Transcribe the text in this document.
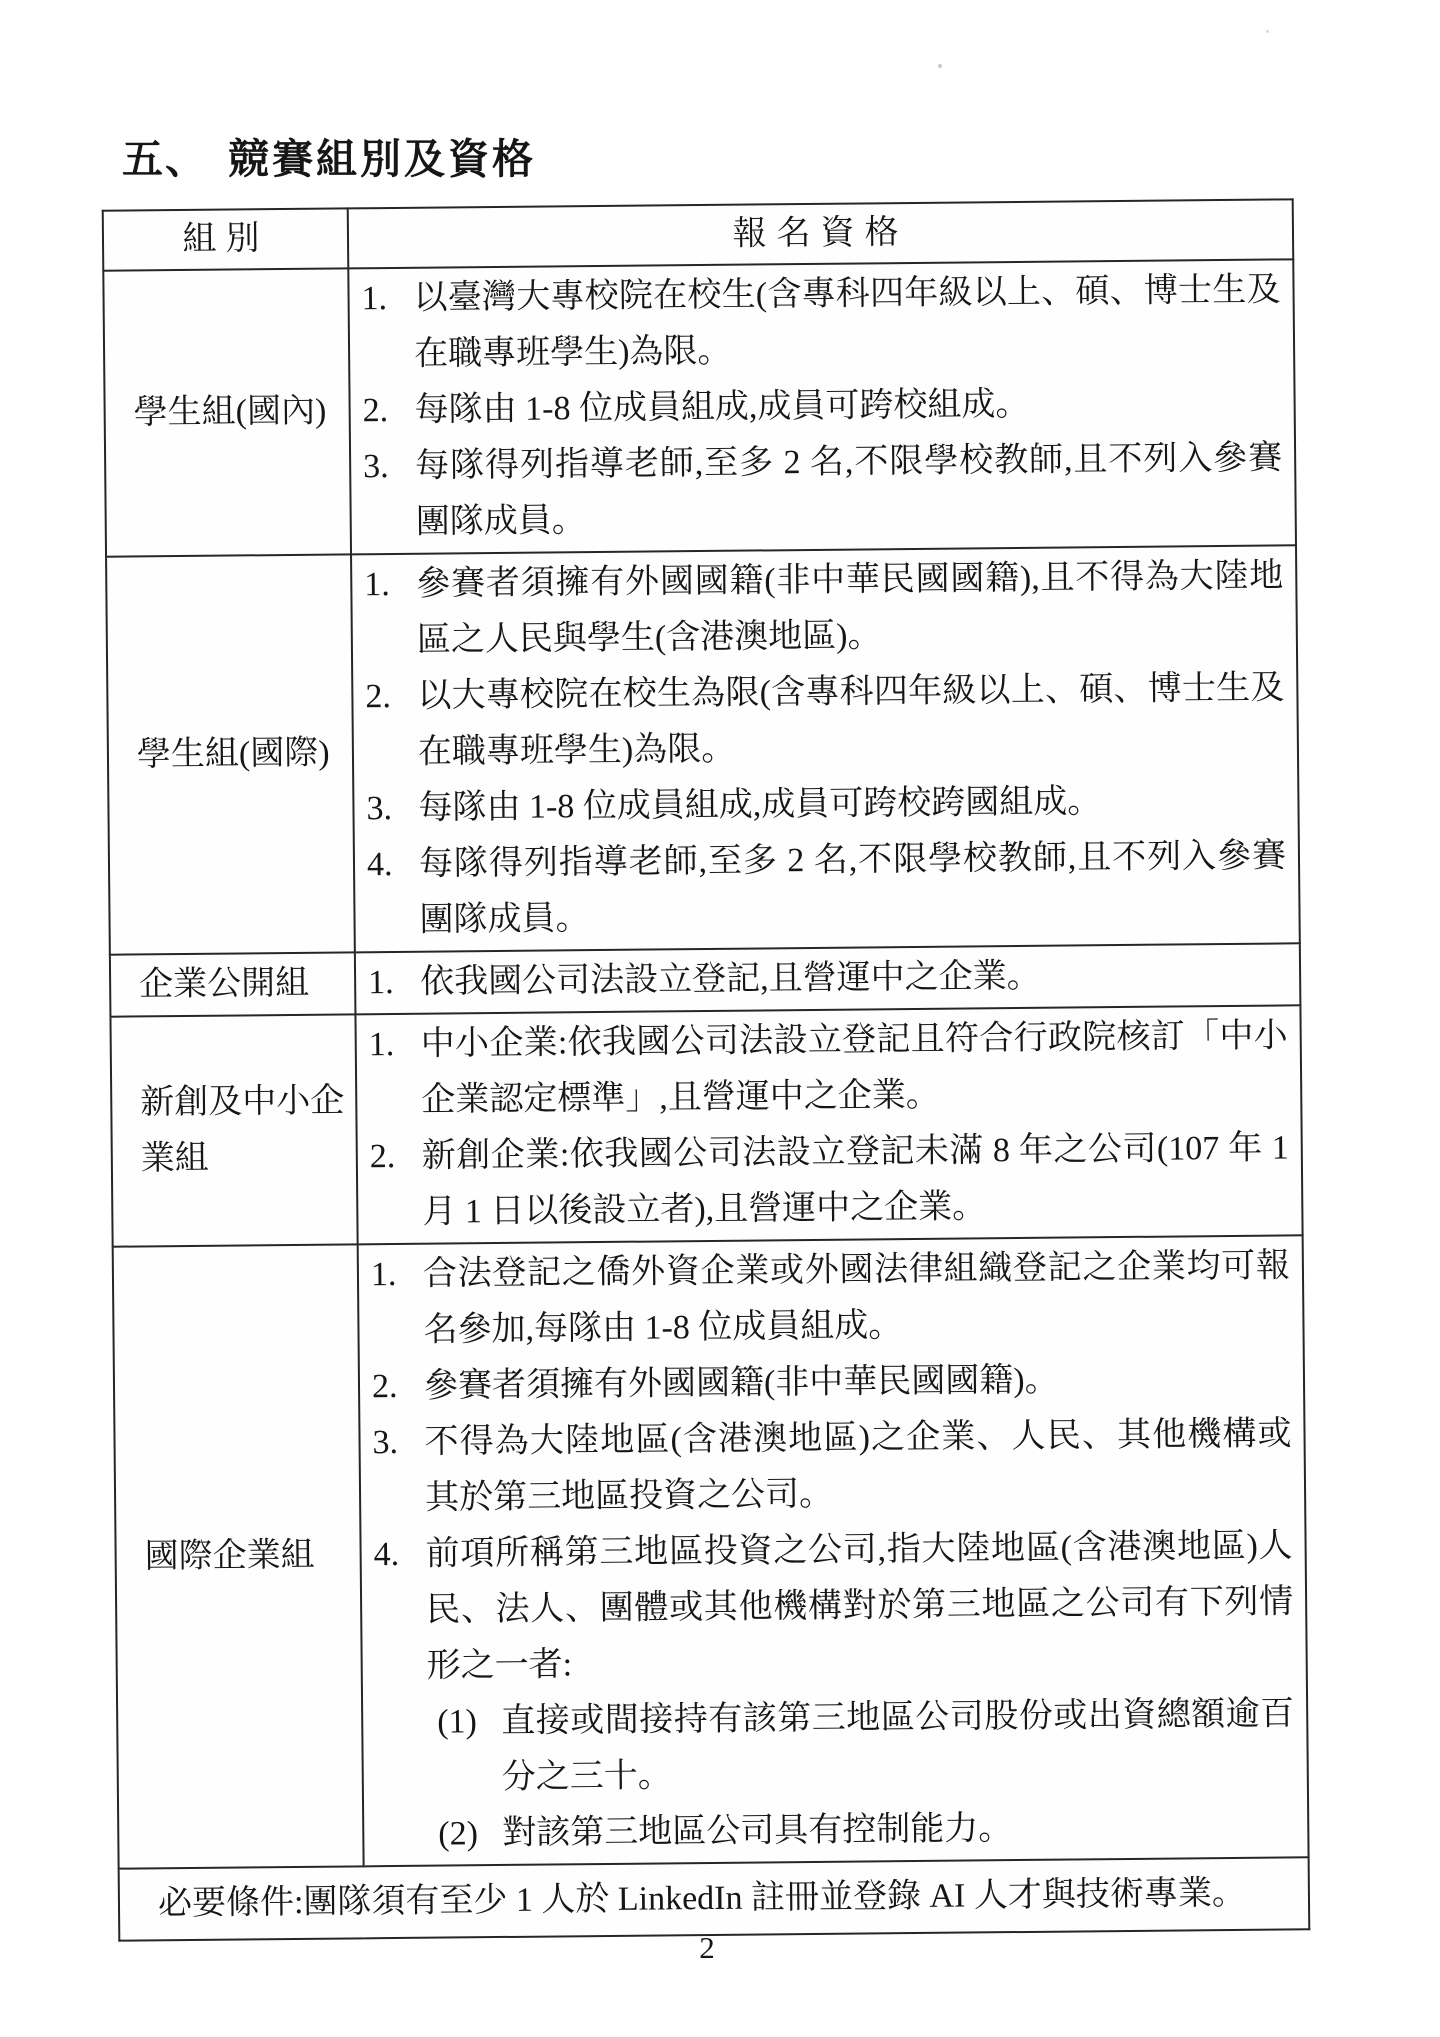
五、 競賽組別及資格
組別	報名資格
學生組(國內)	
1. 以臺灣大專校院在校生(含專科四年級以上、碩、博士生及在職專班學生)為限。
2. 每隊由 1-8 位成員組成,成員可跨校組成。
3. 每隊得列指導老師,至多 2 名,不限學校教師,且不列入參賽團隊成員。

學生組(國際)	
1. 參賽者須擁有外國國籍(非中華民國國籍),且不得為大陸地區之人民與學生(含港澳地區)。
2. 以大專校院在校生為限(含專科四年級以上、碩、博士生及在職專班學生)為限。
3. 每隊由 1-8 位成員組成,成員可跨校跨國組成。
4. 每隊得列指導老師,至多 2 名,不限學校教師,且不列入參賽團隊成員。

企業公開組	1. 依我國公司法設立登記,且營運中之企業。

新創及中小企業組	1. 中小企業:依我國公司法設立登記且符合行政院核訂「中小企業認定標準」,且營運中之企業。
2. 新創企業:依我國公司法設立登記未滿 8 年之公司(107 年 1 月 1 日以後設立者),且營運中之企業。

國際企業組	
1. 合法登記之僑外資企業或外國法律組織登記之企業均可報名參加,每隊由 1-8 位成員組成。
2. 參賽者須擁有外國國籍(非中華民國國籍)。
3. 不得為大陸地區(含港澳地區)之企業、人民、其他機構或其於第三地區投資之公司。
4. 前項所稱第三地區投資之公司,指大陸地區(含港澳地區)人民、法人、團體或其他機構對於第三地區之公司有下列情形之一者:
(1) 直接或間接持有該第三地區公司股份或出資總額逾百分之三十。
(2) 對該第三地區公司具有控制能力。

必要條件:團隊須有至少 1 人於 LinkedIn 註冊並登錄 AI 人才與技術專業。	
2
